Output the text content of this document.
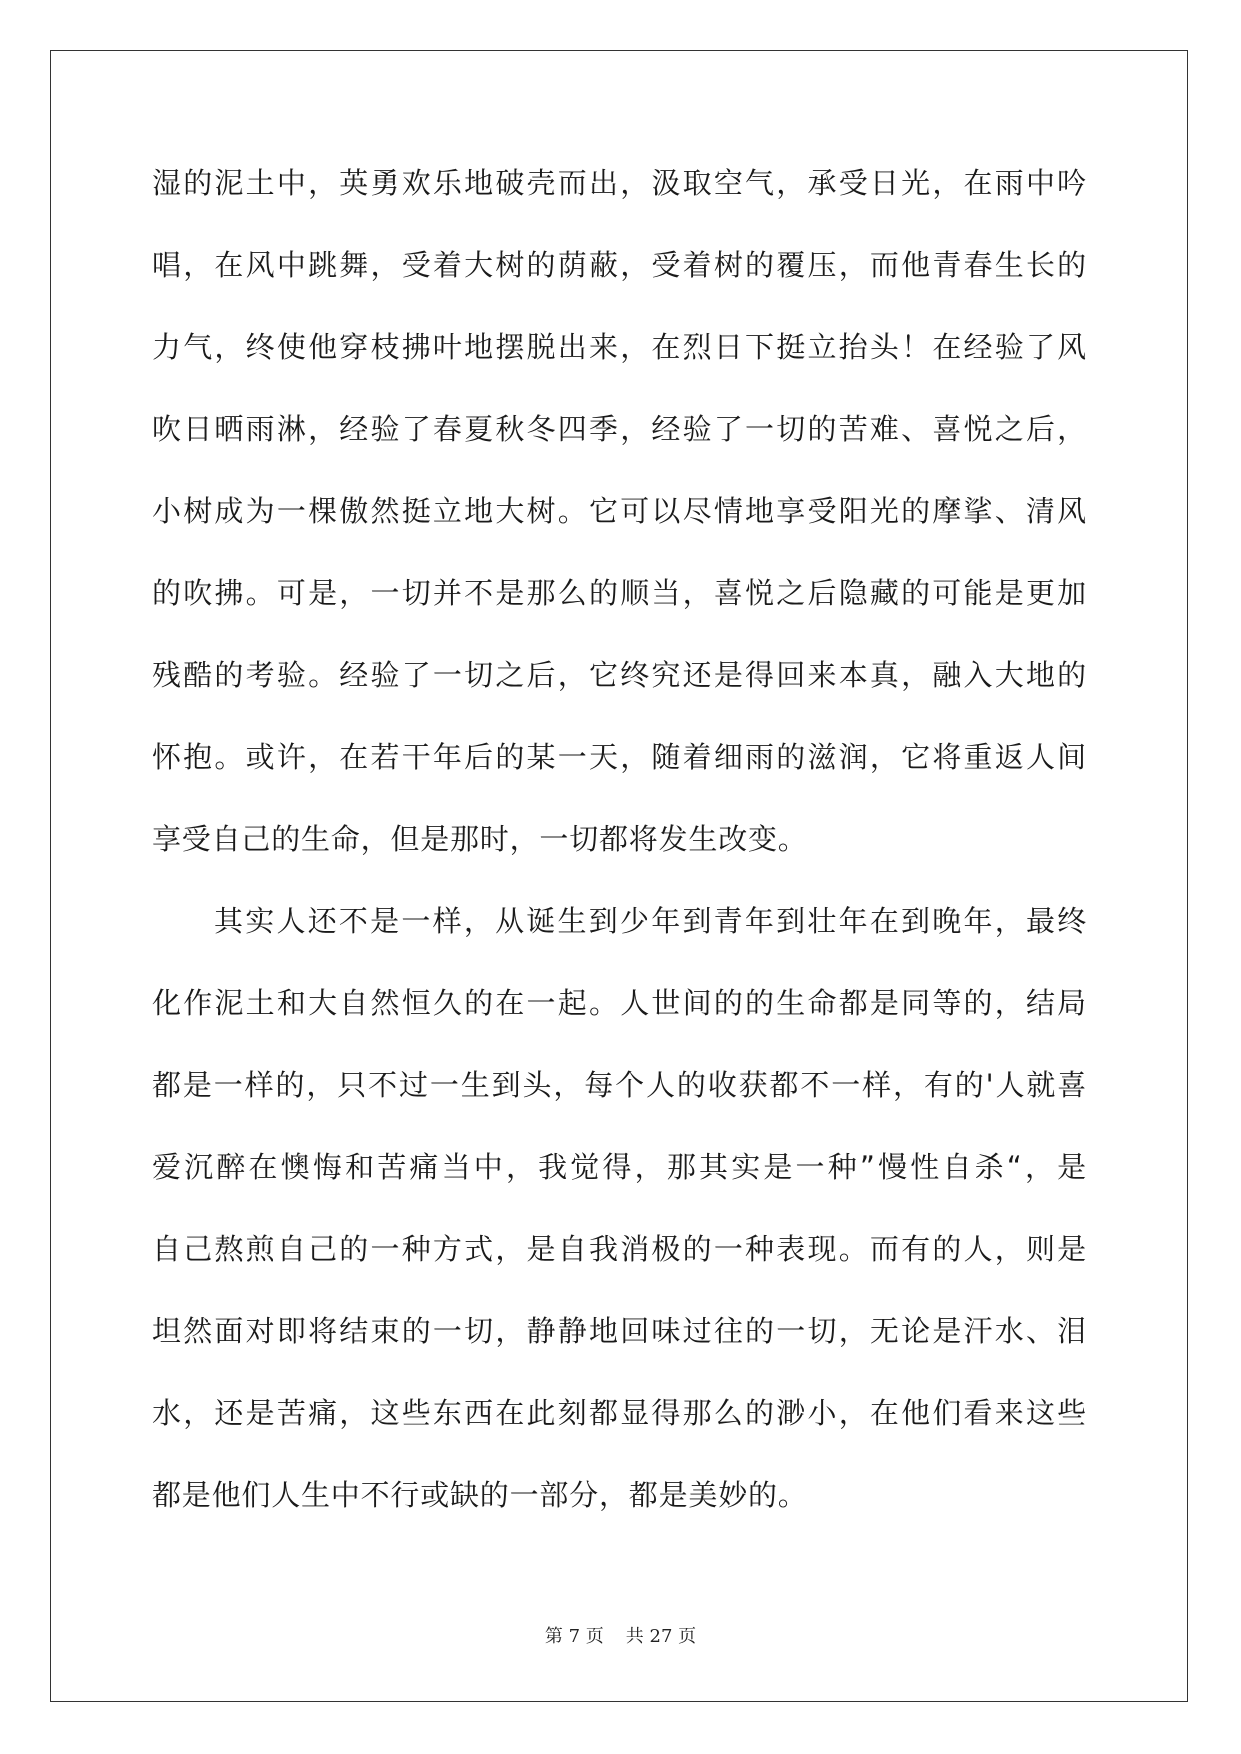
湿的泥土中，英勇欢乐地破壳而出，汲取空气，承受日光，在雨中吟
唱，在风中跳舞，受着大树的荫蔽，受着树的覆压，而他青春生长的
力气，终使他穿枝拂叶地摆脱出来，在烈日下挺立抬头！在经验了风
吹日晒雨淋，经验了春夏秋冬四季，经验了一切的苦难、喜悦之后，
小树成为一棵傲然挺立地大树。它可以尽情地享受阳光的摩挲、清风
的吹拂。可是，一切并不是那么的顺当，喜悦之后隐藏的可能是更加
残酷的考验。经验了一切之后，它终究还是得回来本真，融入大地的
怀抱。或许，在若干年后的某一天，随着细雨的滋润，它将重返人间
享受自己的生命，但是那时，一切都将发生改变。
其实人还不是一样，从诞生到少年到青年到壮年在到晚年，最终
化作泥土和大自然恒久的在一起。人世间的的生命都是同等的，结局
都是一样的，只不过一生到头，每个人的收获都不一样，有的'人就喜
爱沉醉在懊悔和苦痛当中，我觉得，那其实是一种”慢性自杀“，是
自己熬煎自己的一种方式，是自我消极的一种表现。而有的人，则是
坦然面对即将结束的一切，静静地回味过往的一切，无论是汗水、泪
水，还是苦痛，这些东西在此刻都显得那么的渺小，在他们看来这些
都是他们人生中不行或缺的一部分，都是美妙的。
第 7 页 共 27 页
